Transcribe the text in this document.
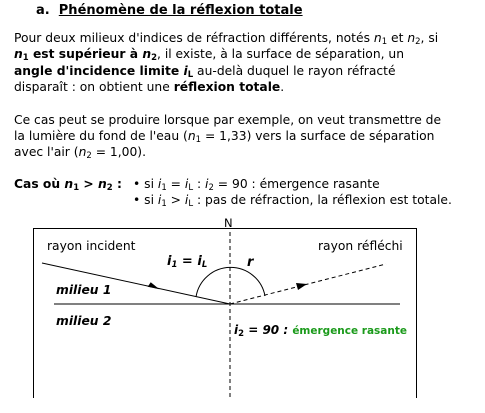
a. Phénomène de la réflexion totale
Pour deux milieux d'indices de réfraction différents, notés $n_1$ et $n_2$, si
$n_1$ est supérieur à $n_2$, il existe, à la surface de séparation, un
angle d'incidence limite $i_L$ au-delà duquel le rayon réfracté
disparaît : on obtient une réflexion totale.
Ce cas peut se produire lorsque par exemple, on veut transmettre de
la lumière du fond de l'eau $(n_1 = 1,33)$ vers la surface de séparation
avec l'air $(n_2 = 1,00)$.
Cas où $n_1 > n_2$ : • si $i_1 = i_L$ : $i_2 = 90$ : émergence rasante
• si $i_1 > i_L$ : pas de réfraction, la réflexion est totale.
N
rayon incident	rayon réfléchi
$i_1 = i_L$	r
milieu 1
milieu 2
$i_2 = 90$ : émergence rasante
